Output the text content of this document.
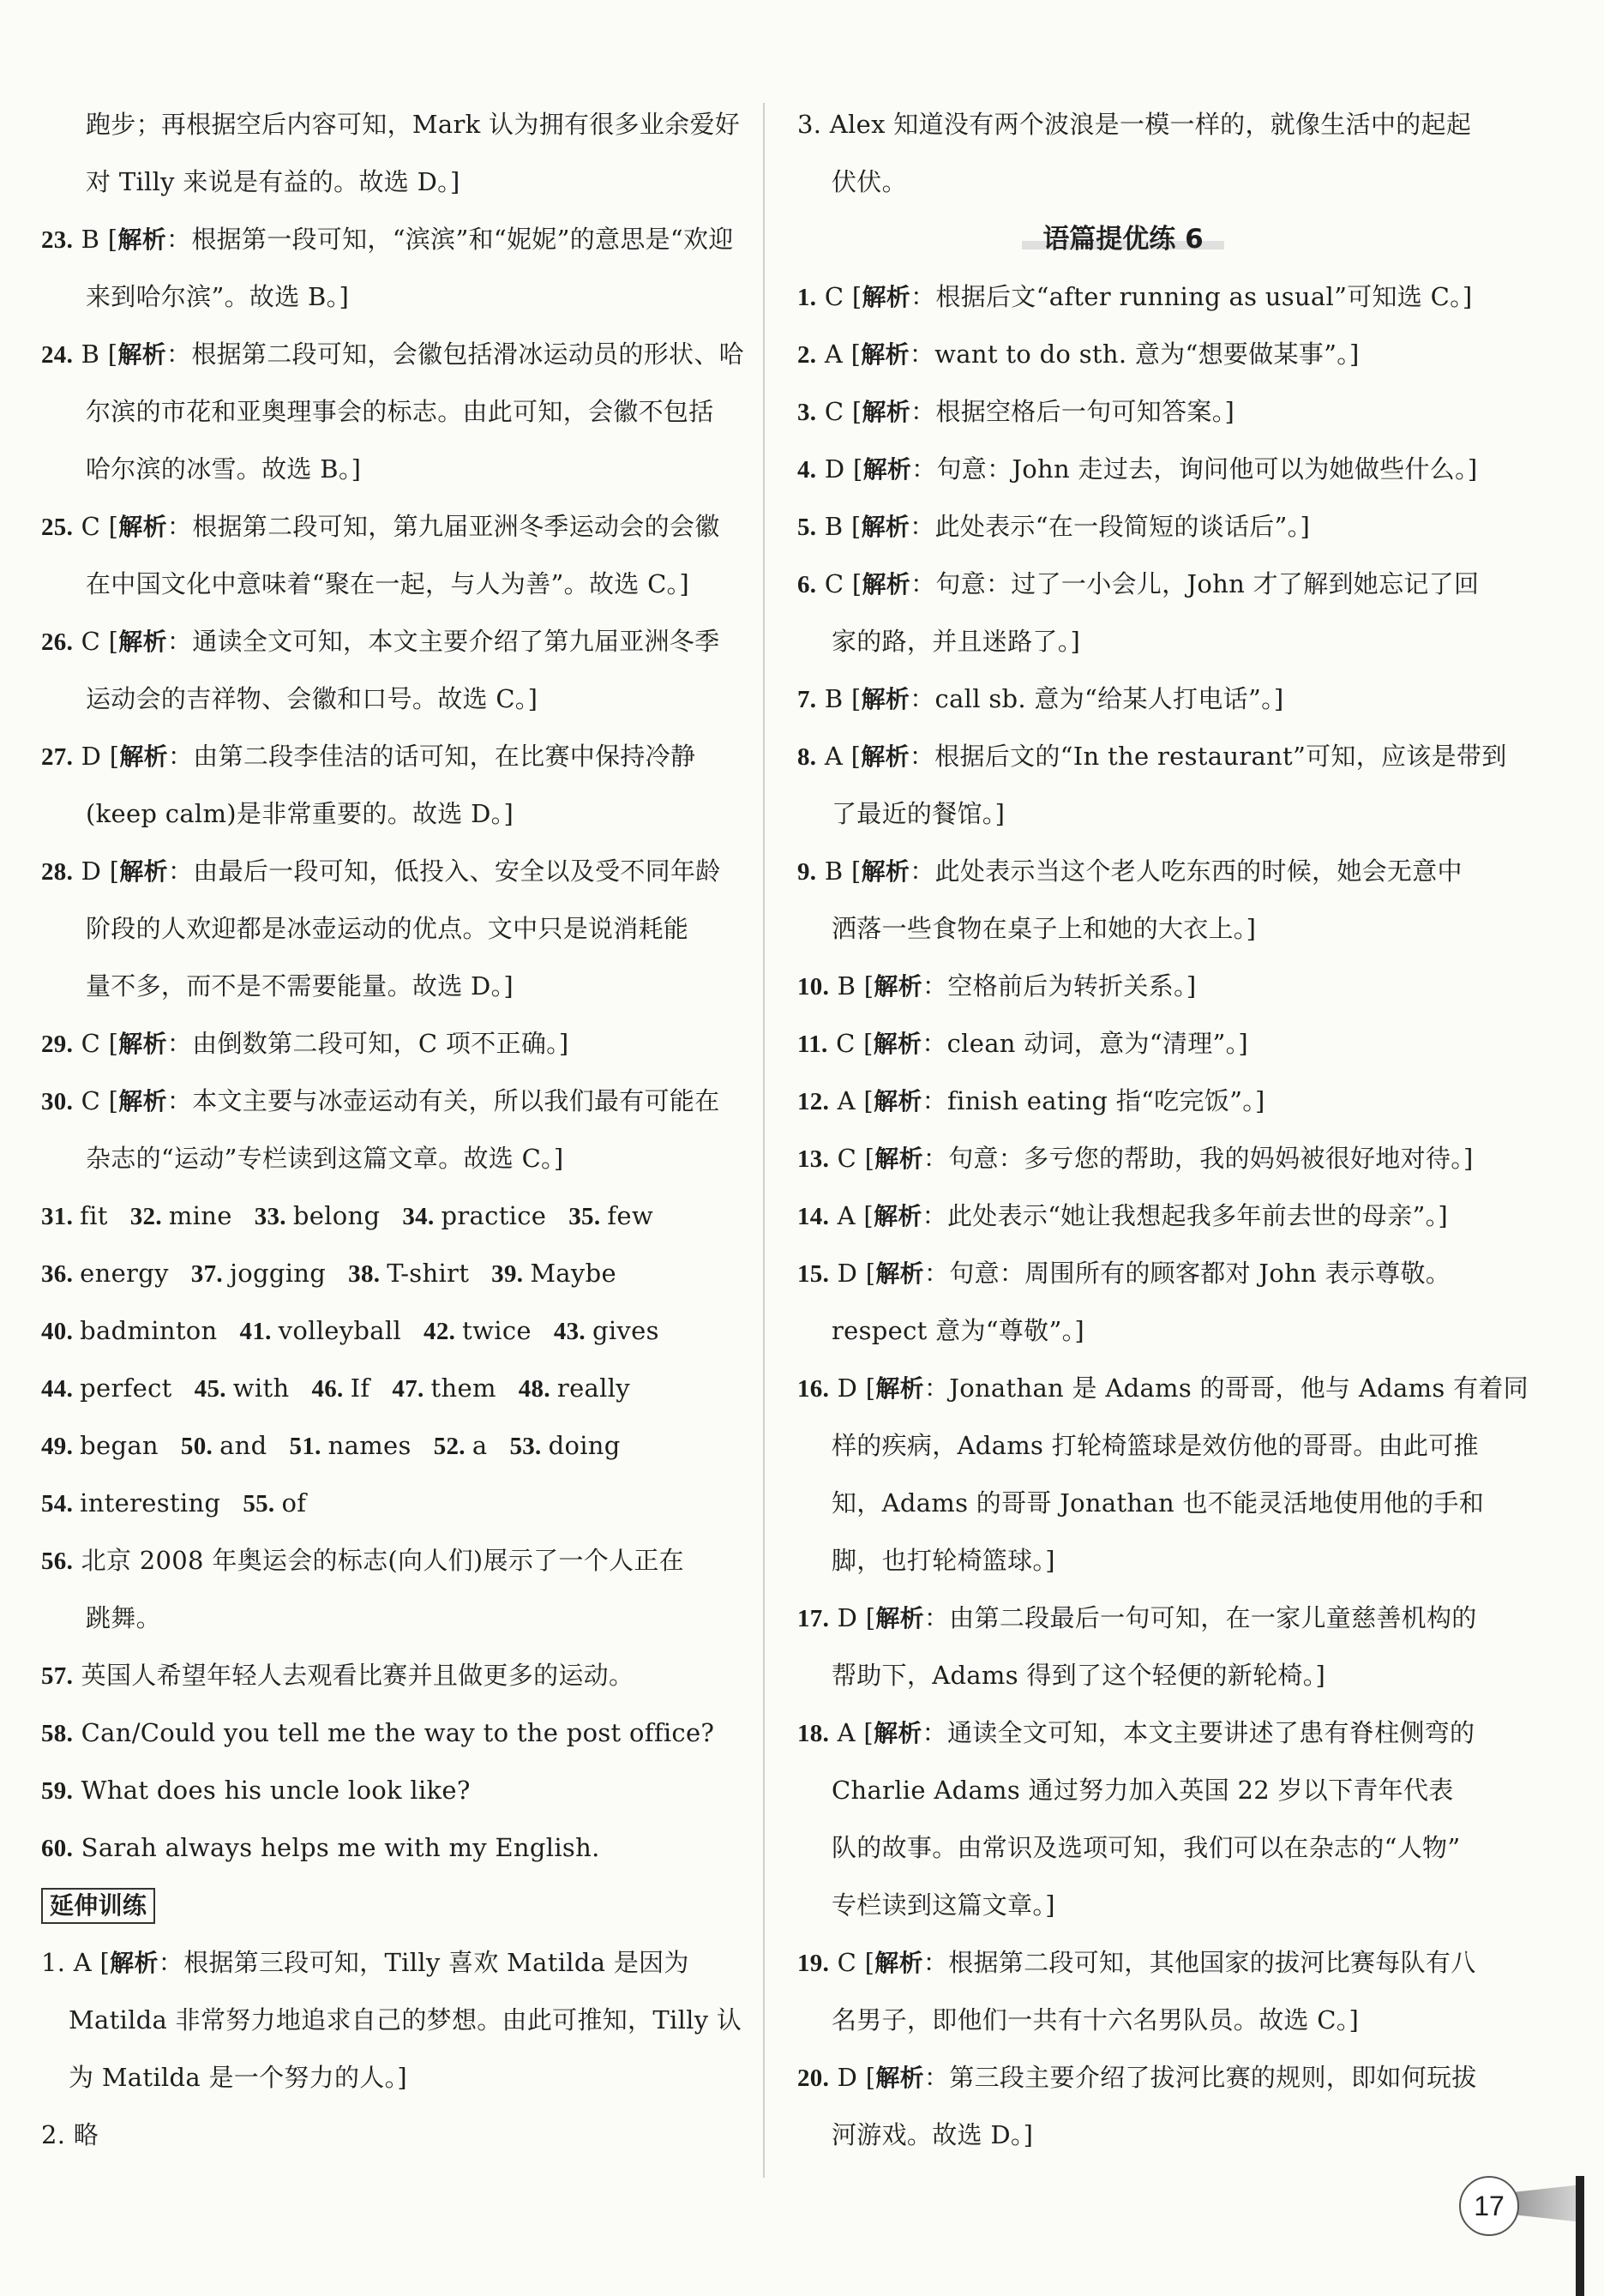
跑步；再根据空后内容可知，Mark 认为拥有很多业余爱好
对 Tilly 来说是有益的。故选 D。]
23. B [解析：根据第一段可知，“滨滨”和“妮妮”的意思是“欢迎
来到哈尔滨”。故选 B。]
24. B [解析：根据第二段可知，会徽包括滑冰运动员的形状、哈
尔滨的市花和亚奥理事会的标志。由此可知，会徽不包括
哈尔滨的冰雪。故选 B。]
25. C [解析：根据第二段可知，第九届亚洲冬季运动会的会徽
在中国文化中意味着“聚在一起，与人为善”。故选 C。]
26. C [解析：通读全文可知，本文主要介绍了第九届亚洲冬季
运动会的吉祥物、会徽和口号。故选 C。]
27. D [解析：由第二段李佳洁的话可知，在比赛中保持冷静
(keep calm)是非常重要的。故选 D。]
28. D [解析：由最后一段可知，低投入、安全以及受不同年龄
阶段的人欢迎都是冰壶运动的优点。文中只是说消耗能
量不多，而不是不需要能量。故选 D。]
29. C [解析：由倒数第二段可知，C 项不正确。]
30. C [解析：本文主要与冰壶运动有关，所以我们最有可能在
杂志的“运动”专栏读到这篇文章。故选 C。]
31. fit 32. mine 33. belong 34. practice 35. few
36. energy 37. jogging 38. T-shirt 39. Maybe
40. badminton 41. volleyball 42. twice 43. gives
44. perfect 45. with 46. If 47. them 48. really
49. began 50. and 51. names 52. a 53. doing
54. interesting 55. of
56. 北京 2008 年奥运会的标志(向人们)展示了一个人正在
跳舞。
57. 英国人希望年轻人去观看比赛并且做更多的运动。
58. Can/Could you tell me the way to the post office?
59. What does his uncle look like?
60. Sarah always helps me with my English.
延伸训练
1. A [解析：根据第三段可知，Tilly 喜欢 Matilda 是因为
Matilda 非常努力地追求自己的梦想。由此可推知，Tilly 认
为 Matilda 是一个努力的人。]
2. 略
3. Alex 知道没有两个波浪是一模一样的，就像生活中的起起
伏伏。
语篇提优练 6
1. C [解析：根据后文“after running as usual”可知选 C。]
2. A [解析：want to do sth. 意为“想要做某事”。]
3. C [解析：根据空格后一句可知答案。]
4. D [解析：句意：John 走过去，询问他可以为她做些什么。]
5. B [解析：此处表示“在一段简短的谈话后”。]
6. C [解析：句意：过了一小会儿，John 才了解到她忘记了回
家的路，并且迷路了。]
7. B [解析：call sb. 意为“给某人打电话”。]
8. A [解析：根据后文的“In the restaurant”可知，应该是带到
了最近的餐馆。]
9. B [解析：此处表示当这个老人吃东西的时候，她会无意中
洒落一些食物在桌子上和她的大衣上。]
10. B [解析：空格前后为转折关系。]
11. C [解析：clean 动词，意为“清理”。]
12. A [解析：finish eating 指“吃完饭”。]
13. C [解析：句意：多亏您的帮助，我的妈妈被很好地对待。]
14. A [解析：此处表示“她让我想起我多年前去世的母亲”。]
15. D [解析：句意：周围所有的顾客都对 John 表示尊敬。
respect 意为“尊敬”。]
16. D [解析：Jonathan 是 Adams 的哥哥，他与 Adams 有着同
样的疾病，Adams 打轮椅篮球是效仿他的哥哥。由此可推
知，Adams 的哥哥 Jonathan 也不能灵活地使用他的手和
脚，也打轮椅篮球。]
17. D [解析：由第二段最后一句可知，在一家儿童慈善机构的
帮助下，Adams 得到了这个轻便的新轮椅。]
18. A [解析：通读全文可知，本文主要讲述了患有脊柱侧弯的
Charlie Adams 通过努力加入英国 22 岁以下青年代表
队的故事。由常识及选项可知，我们可以在杂志的“人物”
专栏读到这篇文章。]
19. C [解析：根据第二段可知，其他国家的拔河比赛每队有八
名男子，即他们一共有十六名男队员。故选 C。]
20. D [解析：第三段主要介绍了拔河比赛的规则，即如何玩拔
河游戏。故选 D。]
17
